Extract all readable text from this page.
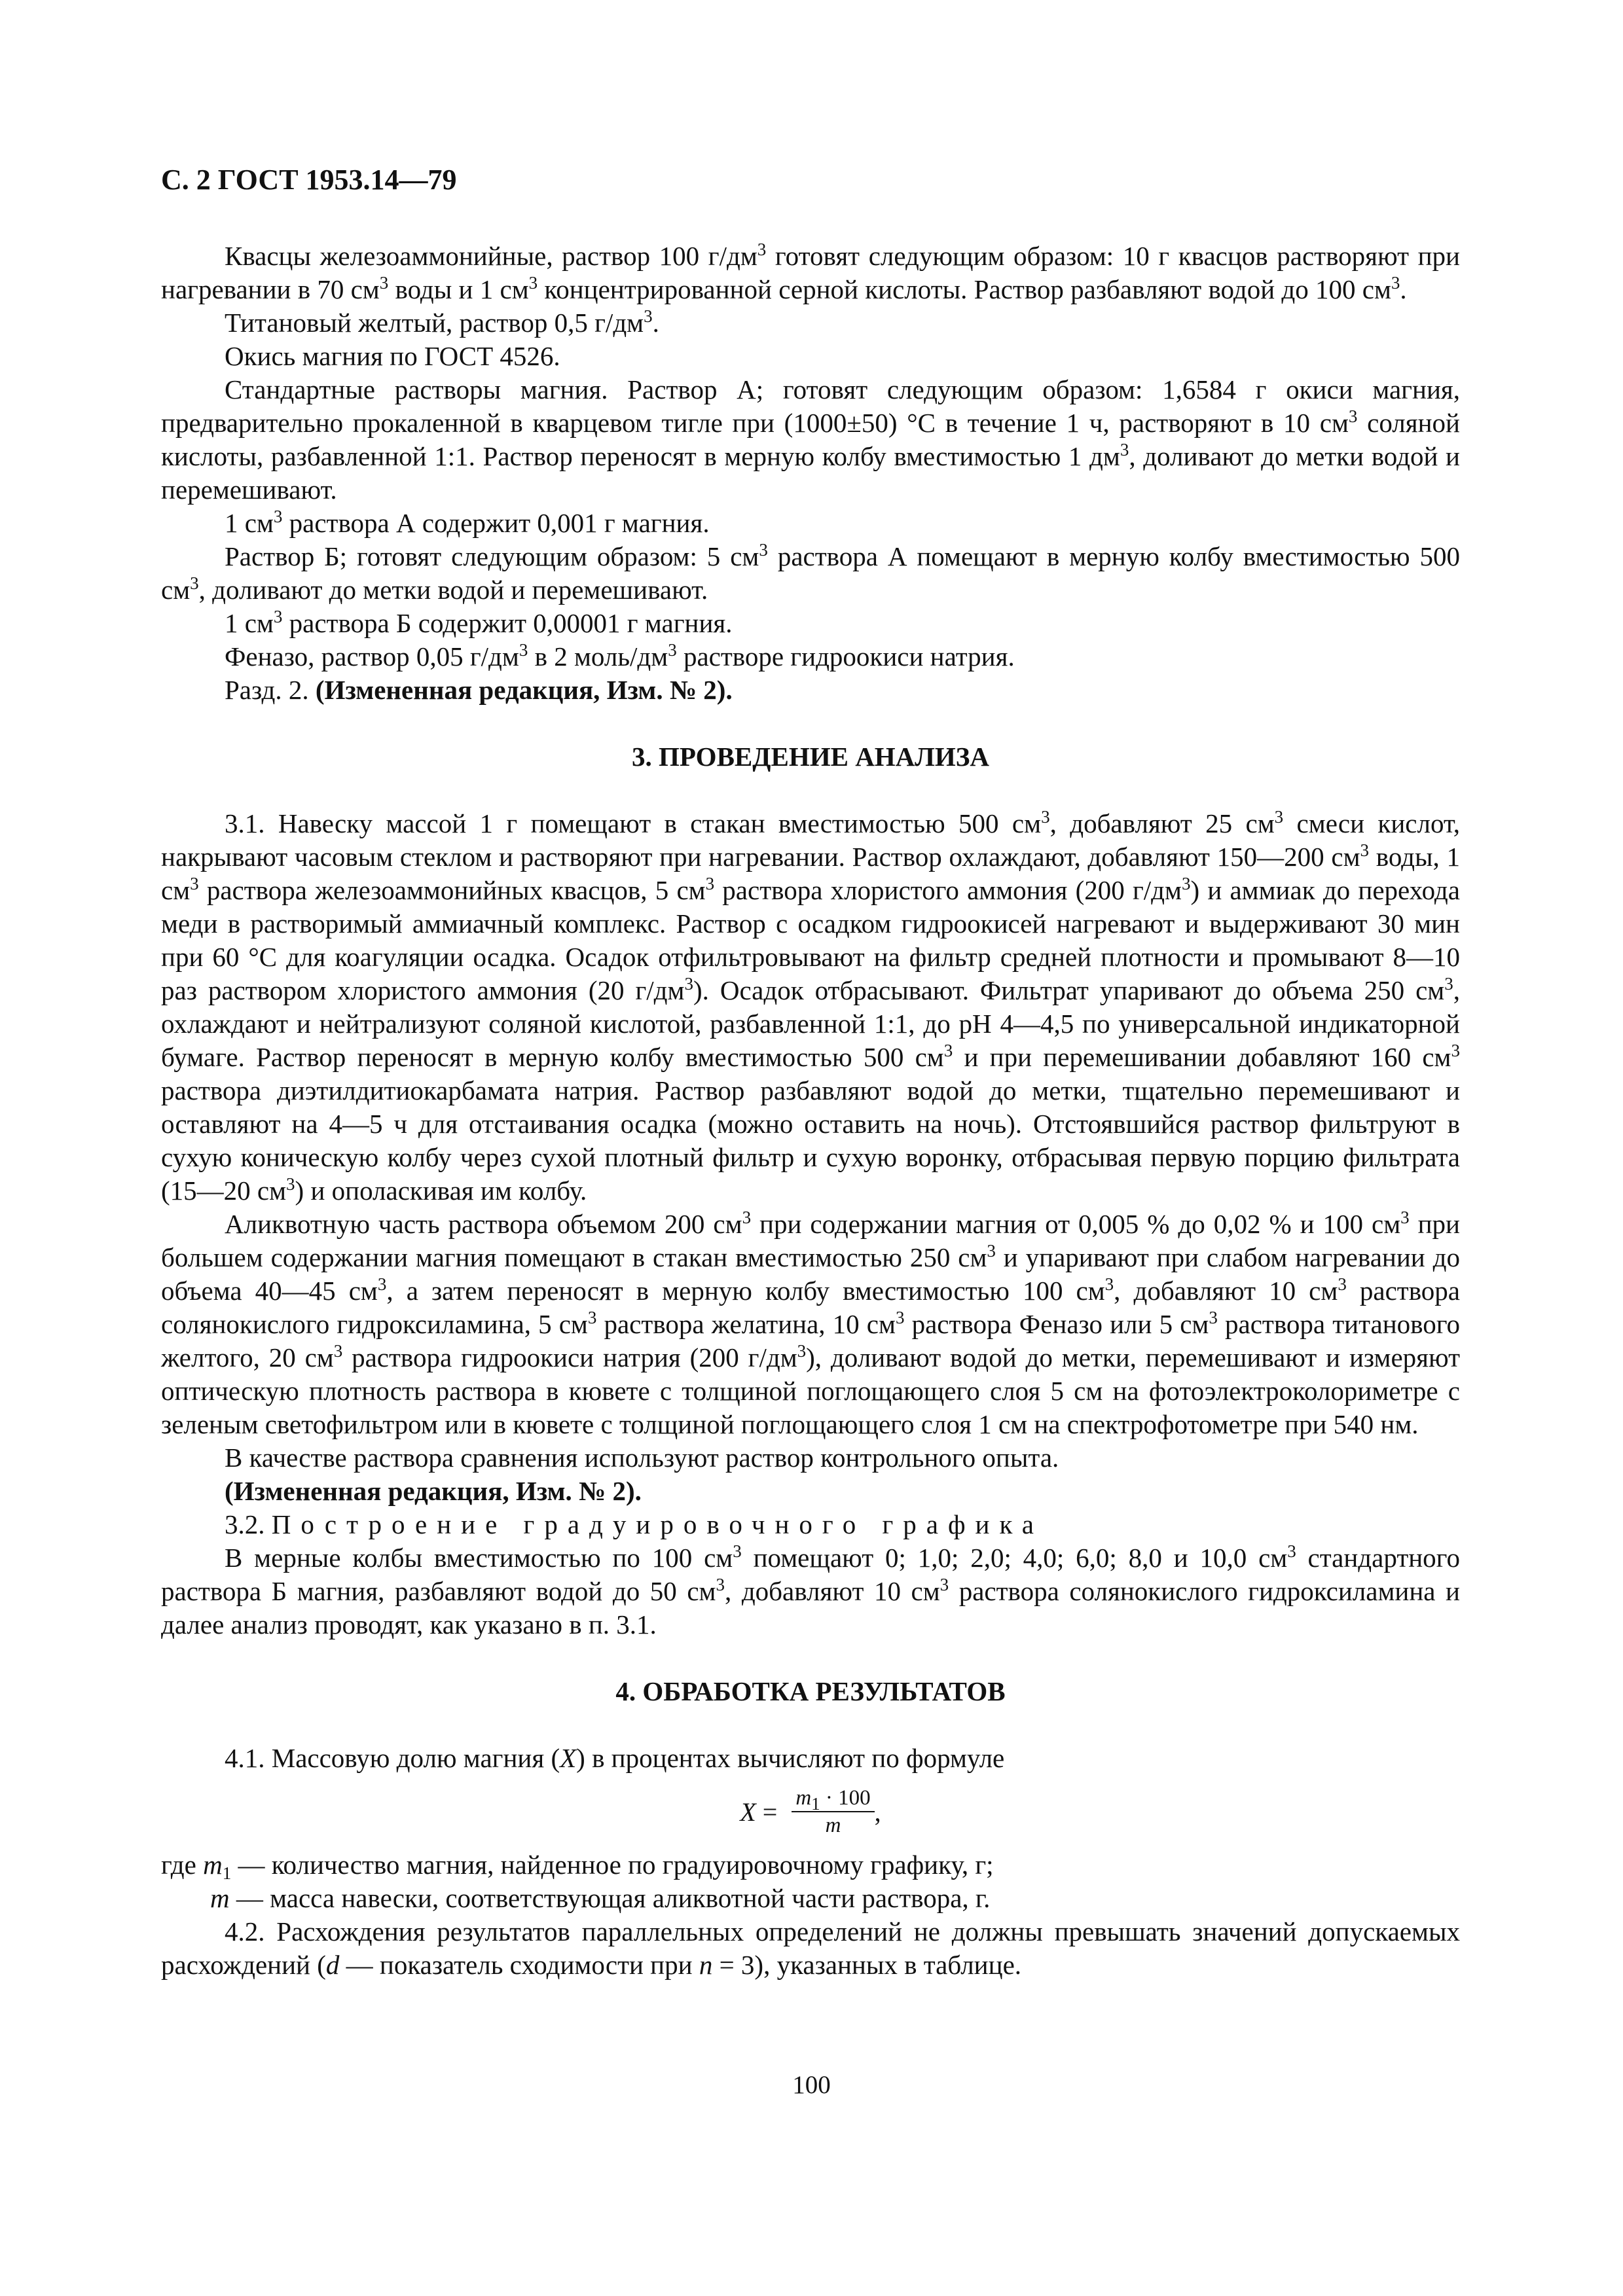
С. 2 ГОСТ 1953.14—79

Квасцы железоаммонийные, раствор 100 $г/дм^3$ готовят следующим образом: 10 г квасцов растворяют при нагревании в 70 $см^3$ воды и 1 $см^3$ концентрированной серной кислоты. Раствор разбавляют водой до 100 $см^3$.

Титановый желтый, раствор 0,5 $г/дм^3$.

Окись магния по ГОСТ 4526.

Стандартные растворы магния. Раствор А; готовят следующим образом: 1,6584 г окиси магния, предварительно прокаленной в кварцевом тигле при (1000±50) °С в течение 1 ч, растворяют в 10 $см^3$ соляной кислоты, разбавленной 1:1. Раствор переносят в мерную колбу вместимостью 1 $дм^3$, доливают до метки водой и перемешивают.

1 $см^3$ раствора А содержит 0,001 г магния.

Раствор Б; готовят следующим образом: 5 $см^3$ раствора А помещают в мерную колбу вместимостью 500 $см^3$, доливают до метки водой и перемешивают.

1 $см^3$ раствора Б содержит 0,00001 г магния.

Феназо, раствор 0,05 $г/дм^3$ в 2 моль/$дм^3$ растворе гидроокиси натрия.

Разд. 2. (Измененная редакция, Изм. № 2).

3. ПРОВЕДЕНИЕ АНАЛИЗА

3.1. Навеску массой 1 г помещают в стакан вместимостью 500 $см^3$, добавляют 25 $см^3$ смеси кислот, накрывают часовым стеклом и растворяют при нагревании. Раствор охлаждают, добавляют 150—200 $см^3$ воды, 1 $см^3$ раствора железоаммонийных квасцов, 5 $см^3$ раствора хлористого аммония (200 $г/дм^3$) и аммиак до перехода меди в растворимый аммиачный комплекс. Раствор с осадком гидроокисей нагревают и выдерживают 30 мин при 60 °С для коагуляции осадка. Осадок отфильтровывают на фильтр средней плотности и промывают 8—10 раз раствором хлористого аммония (20 $г/дм^3$). Осадок отбрасывают. Фильтрат упаривают до объема 250 $см^3$, охлаждают и нейтрализуют соляной кислотой, разбавленной 1:1, до pH 4—4,5 по универсальной индикаторной бумаге. Раствор переносят в мерную колбу вместимостью 500 $см^3$ и при перемешивании добавляют 160 $см^3$ раствора диэтилдитиокарбамата натрия. Раствор разбавляют водой до метки, тщательно перемешивают и оставляют на 4—5 ч для отстаивания осадка (можно оставить на ночь). Отстоявшийся раствор фильтруют в сухую коническую колбу через сухой плотный фильтр и сухую воронку, отбрасывая первую порцию фильтрата (15—20 $см^3$) и ополаскивая им колбу.

Аликвотную часть раствора объемом 200 $см^3$ при содержании магния от 0,005 % до 0,02 % и 100 $см^3$ при большем содержании магния помещают в стакан вместимостью 250 $см^3$ и упаривают при слабом нагревании до объема 40—45 $см^3$, а затем переносят в мерную колбу вместимостью 100 $см^3$, добавляют 10 $см^3$ раствора солянокислого гидроксиламина, 5 $см^3$ раствора желатина, 10 $см^3$ раствора Феназо или 5 $см^3$ раствора титанового желтого, 20 $см^3$ раствора гидроокиси натрия (200 $г/дм^3$), доливают водой до метки, перемешивают и измеряют оптическую плотность раствора в кювете с толщиной поглощающего слоя 5 см на фотоэлектроколориметре с зеленым светофильтром или в кювете с толщиной поглощающего слоя 1 см на спектрофотометре при 540 нм.

В качестве раствора сравнения используют раствор контрольного опыта.

(Измененная редакция, Изм. № 2).

3.2. Построение градуировочного графика

В мерные колбы вместимостью по 100 $см^3$ помещают 0; 1,0; 2,0; 4,0; 6,0; 8,0 и 10,0 $см^3$ стандартного раствора Б магния, разбавляют водой до 50 $см^3$, добавляют 10 $см^3$ раствора солянокислого гидроксиламина и далее анализ проводят, как указано в п. 3.1.

4. ОБРАБОТКА РЕЗУЛЬТАТОВ

4.1. Массовую долю магния (X) в процентах вычисляют по формуле

$X = \frac{m_1 \cdot 100}{m}$ ,

где $m_1$ — количество магния, найденное по градуировочному графику, г;

m — масса навески, соответствующая аликвотной части раствора, г.

4.2. Расхождения результатов параллельных определений не должны превышать значений допускаемых расхождений (d — показатель сходимости при n = 3), указанных в таблице.

100
